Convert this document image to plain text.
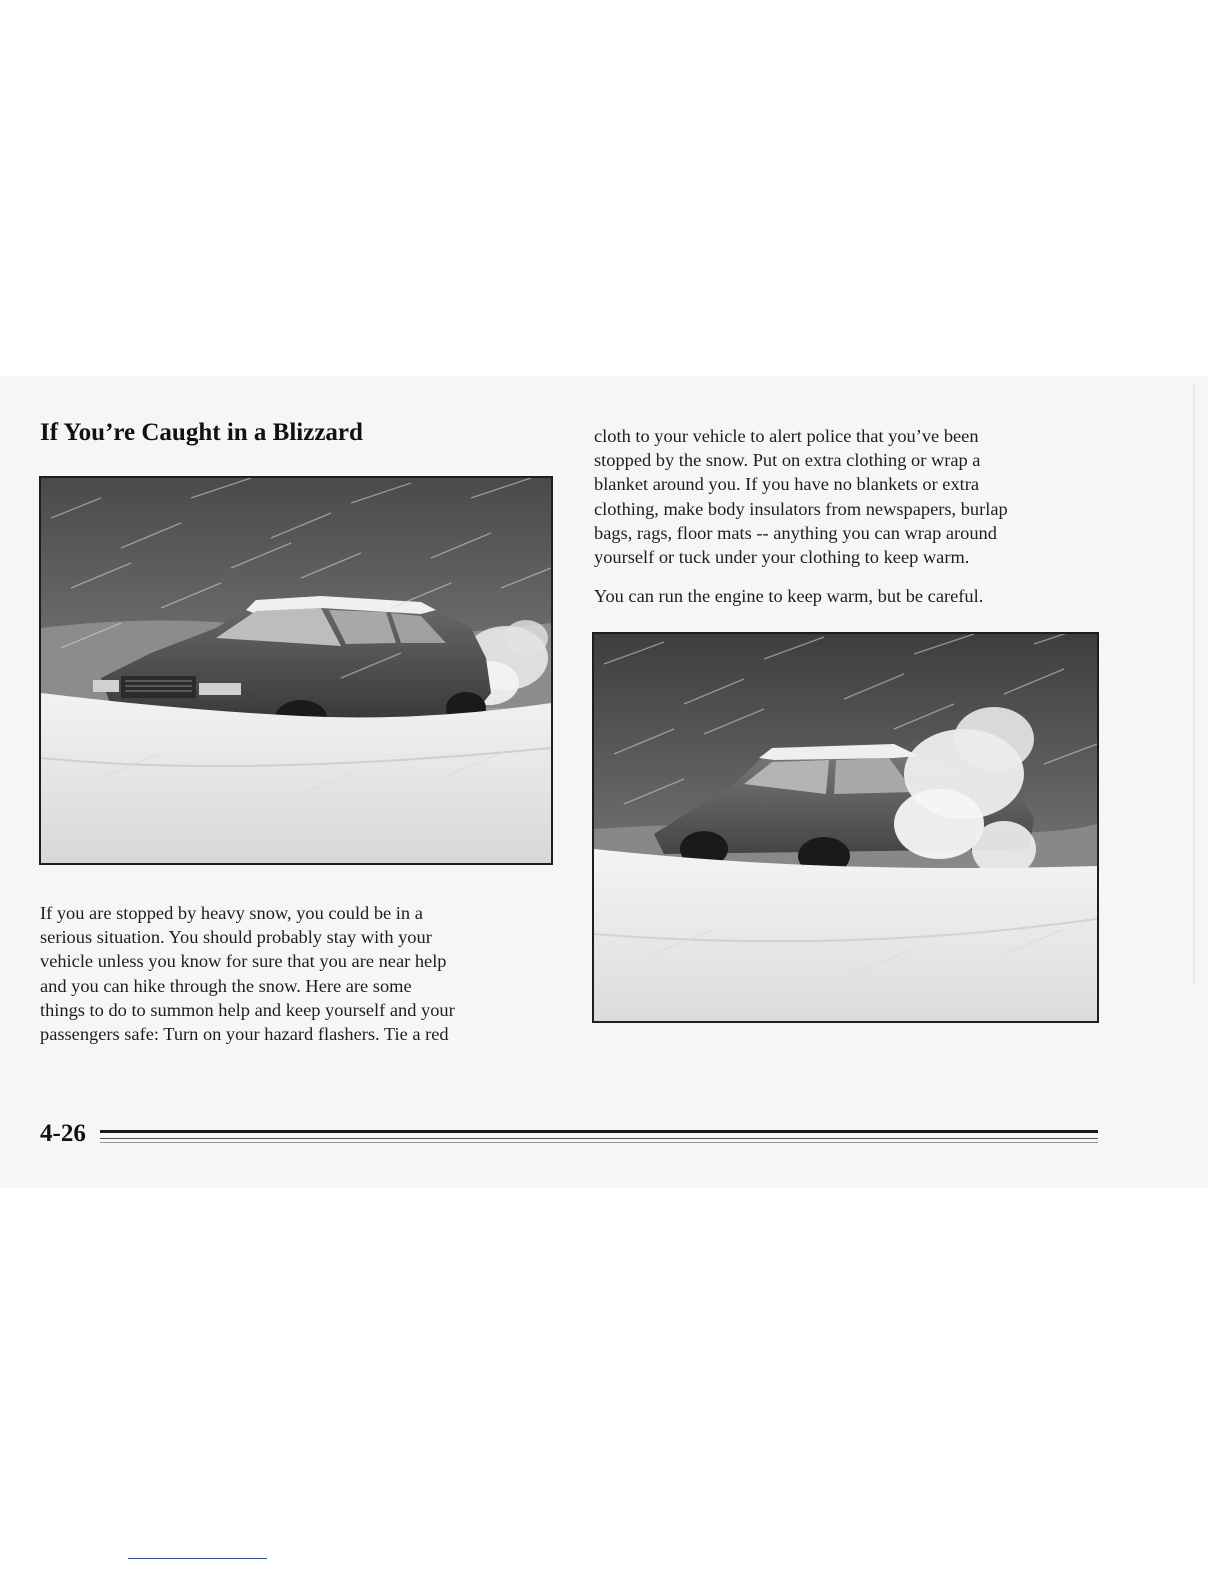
If You’re Caught in a Blizzard

If you are stopped by heavy snow, you could be in a
serious situation. You should probably stay with your
vehicle unless you know for sure that you are near help
and you can hike through the snow. Here are some
things to do to summon help and keep yourself and your
passengers safe: Turn on your hazard flashers. Tie a red

cloth to your vehicle to alert police that you’ve been
stopped by the snow. Put on extra clothing or wrap a
blanket around you. If you have no blankets or extra
clothing, make body insulators from newspapers, burlap
bags, rags, floor mats -- anything you can wrap around
yourself or tuck under your clothing to keep warm.

You can run the engine to keep warm, but be careful.

4-26
